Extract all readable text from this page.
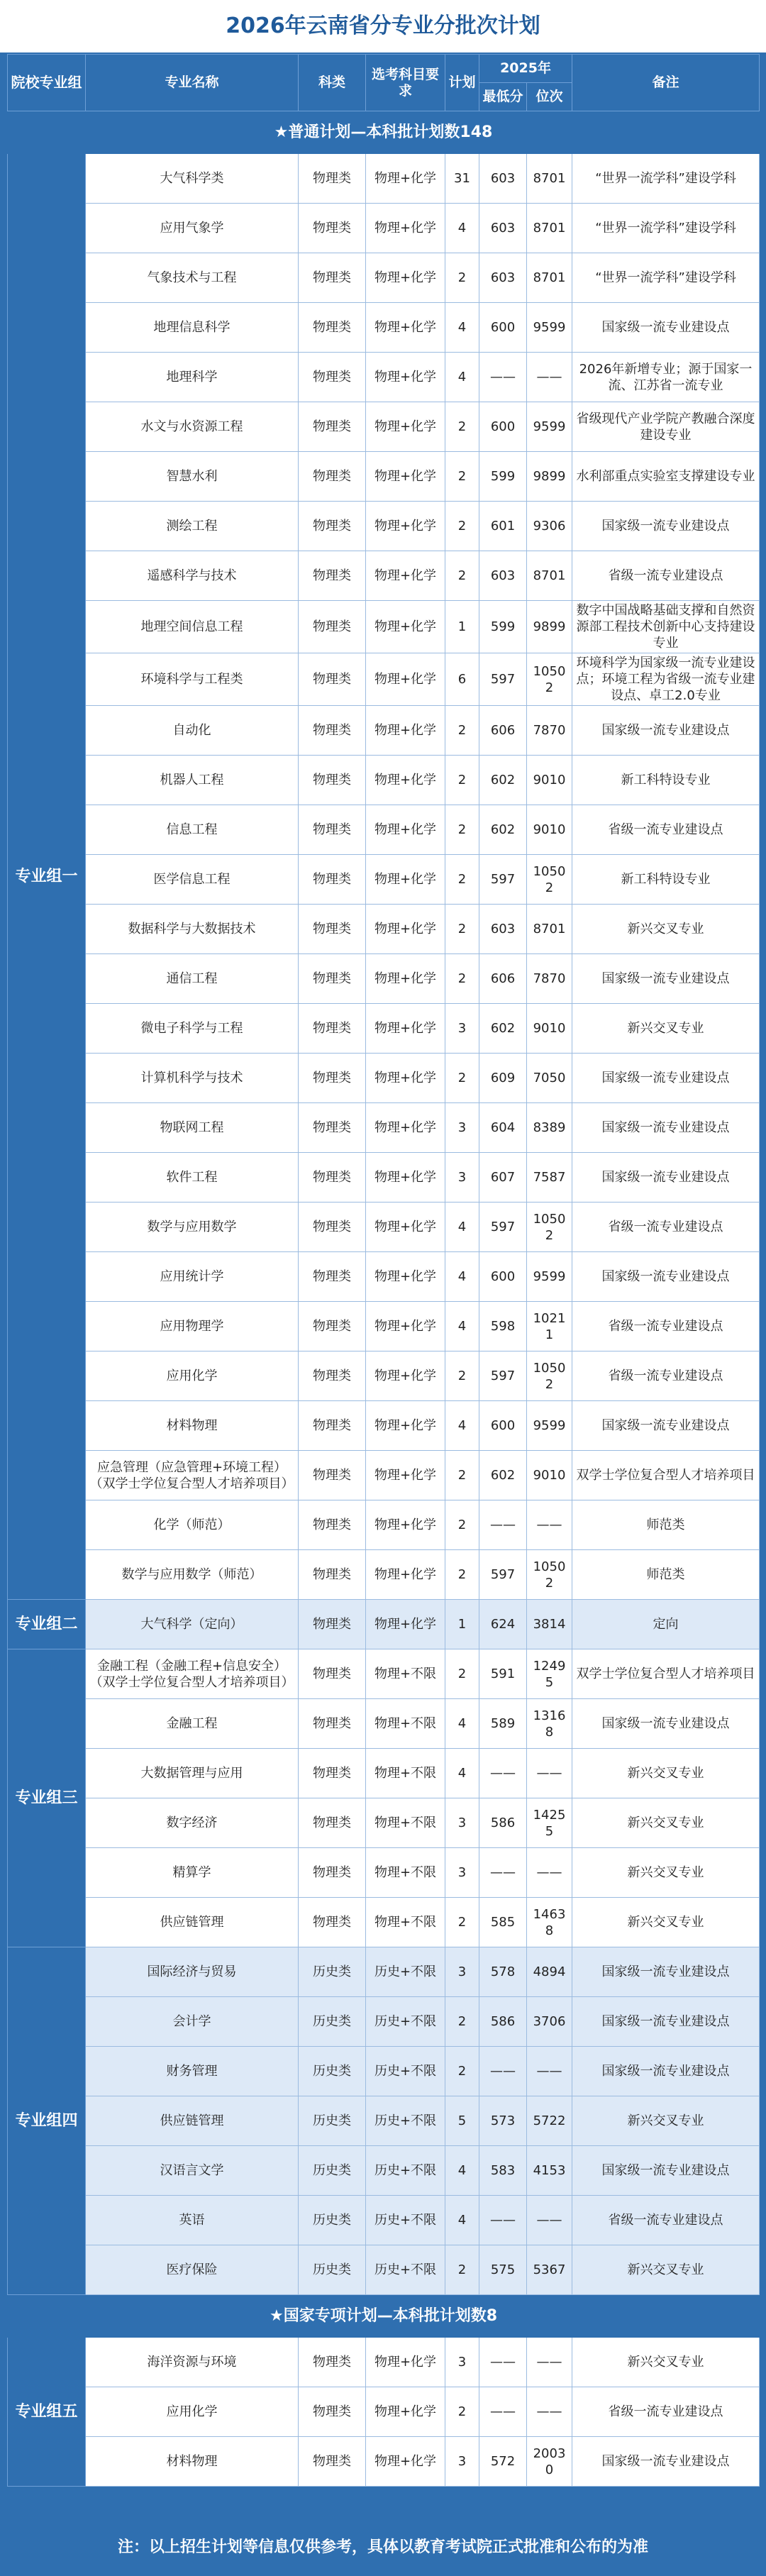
2026年云南省分专业分批次计划
院校专业组	专业名称	科类	选考科目要求	计划	2025年		备注
					最低分	位次	
★普通计划—本科批计划数148							
专业组一	大气科学类	物理类	物理+化学	31	603	8701	“世界一流学科”建设学科
	应用气象学	物理类	物理+化学	4	603	8701	“世界一流学科”建设学科
	气象技术与工程	物理类	物理+化学	2	603	8701	“世界一流学科”建设学科
	地理信息科学	物理类	物理+化学	4	600	9599	国家级一流专业建设点
	地理科学	物理类	物理+化学	4	——	——	2026年新增专业；源于国家一流、江苏省一流专业
	水文与水资源工程	物理类	物理+化学	2	600	9599	省级现代产业学院产教融合深度建设专业
	智慧水利	物理类	物理+化学	2	599	9899	水利部重点实验室支撑建设专业
	测绘工程	物理类	物理+化学	2	601	9306	国家级一流专业建设点
	遥感科学与技术	物理类	物理+化学	2	603	8701	省级一流专业建设点
	地理空间信息工程	物理类	物理+化学	1	599	9899	数字中国战略基础支撑和自然资源部工程技术创新中心支持建设专业
	环境科学与工程类	物理类	物理+化学	6	597	10502	环境科学为国家级一流专业建设点；环境工程为省级一流专业建设点、卓工2.0专业
	自动化	物理类	物理+化学	2	606	7870	国家级一流专业建设点
	机器人工程	物理类	物理+化学	2	602	9010	新工科特设专业
	信息工程	物理类	物理+化学	2	602	9010	省级一流专业建设点
	医学信息工程	物理类	物理+化学	2	597	10502	新工科特设专业
	数据科学与大数据技术	物理类	物理+化学	2	603	8701	新兴交叉专业
	通信工程	物理类	物理+化学	2	606	7870	国家级一流专业建设点
	微电子科学与工程	物理类	物理+化学	3	602	9010	新兴交叉专业
	计算机科学与技术	物理类	物理+化学	2	609	7050	国家级一流专业建设点
	物联网工程	物理类	物理+化学	3	604	8389	国家级一流专业建设点
	软件工程	物理类	物理+化学	3	607	7587	国家级一流专业建设点
	数学与应用数学	物理类	物理+化学	4	597	10502	省级一流专业建设点
	应用统计学	物理类	物理+化学	4	600	9599	国家级一流专业建设点
	应用物理学	物理类	物理+化学	4	598	10211	省级一流专业建设点
	应用化学	物理类	物理+化学	2	597	10502	省级一流专业建设点
	材料物理	物理类	物理+化学	4	600	9599	国家级一流专业建设点
	应急管理（应急管理+环境工程）（双学士学位复合型人才培养项目）	物理类	物理+化学	2	602	9010	双学士学位复合型人才培养项目
	化学（师范）	物理类	物理+化学	2	——	——	师范类
	数学与应用数学（师范）	物理类	物理+化学	2	597	10502	师范类
专业组二	大气科学（定向）	物理类	物理+化学	1	624	3814	定向
专业组三	金融工程（金融工程+信息安全）（双学士学位复合型人才培养项目）	物理类	物理+不限	2	591	12495	双学士学位复合型人才培养项目
	金融工程	物理类	物理+不限	4	589	13168	国家级一流专业建设点
	大数据管理与应用	物理类	物理+不限	4	——	——	新兴交叉专业
	数字经济	物理类	物理+不限	3	586	14255	新兴交叉专业
	精算学	物理类	物理+不限	3	——	——	新兴交叉专业
	供应链管理	物理类	物理+不限	2	585	14638	新兴交叉专业
专业组四	国际经济与贸易	历史类	历史+不限	3	578	4894	国家级一流专业建设点
	会计学	历史类	历史+不限	2	586	3706	国家级一流专业建设点
	财务管理	历史类	历史+不限	2	——	——	国家级一流专业建设点
	供应链管理	历史类	历史+不限	5	573	5722	新兴交叉专业
	汉语言文学	历史类	历史+不限	4	583	4153	国家级一流专业建设点
	英语	历史类	历史+不限	4	——	——	省级一流专业建设点
	医疗保险	历史类	历史+不限	2	575	5367	新兴交叉专业
★国家专项计划—本科批计划数8							
专业组五	海洋资源与环境	物理类	物理+化学	3	——	——	新兴交叉专业
	应用化学	物理类	物理+化学	2	——	——	省级一流专业建设点
	材料物理	物理类	物理+化学	3	572	20030	国家级一流专业建设点
注：以上招生计划等信息仅供参考，具体以教育考试院正式批准和公布的为准
